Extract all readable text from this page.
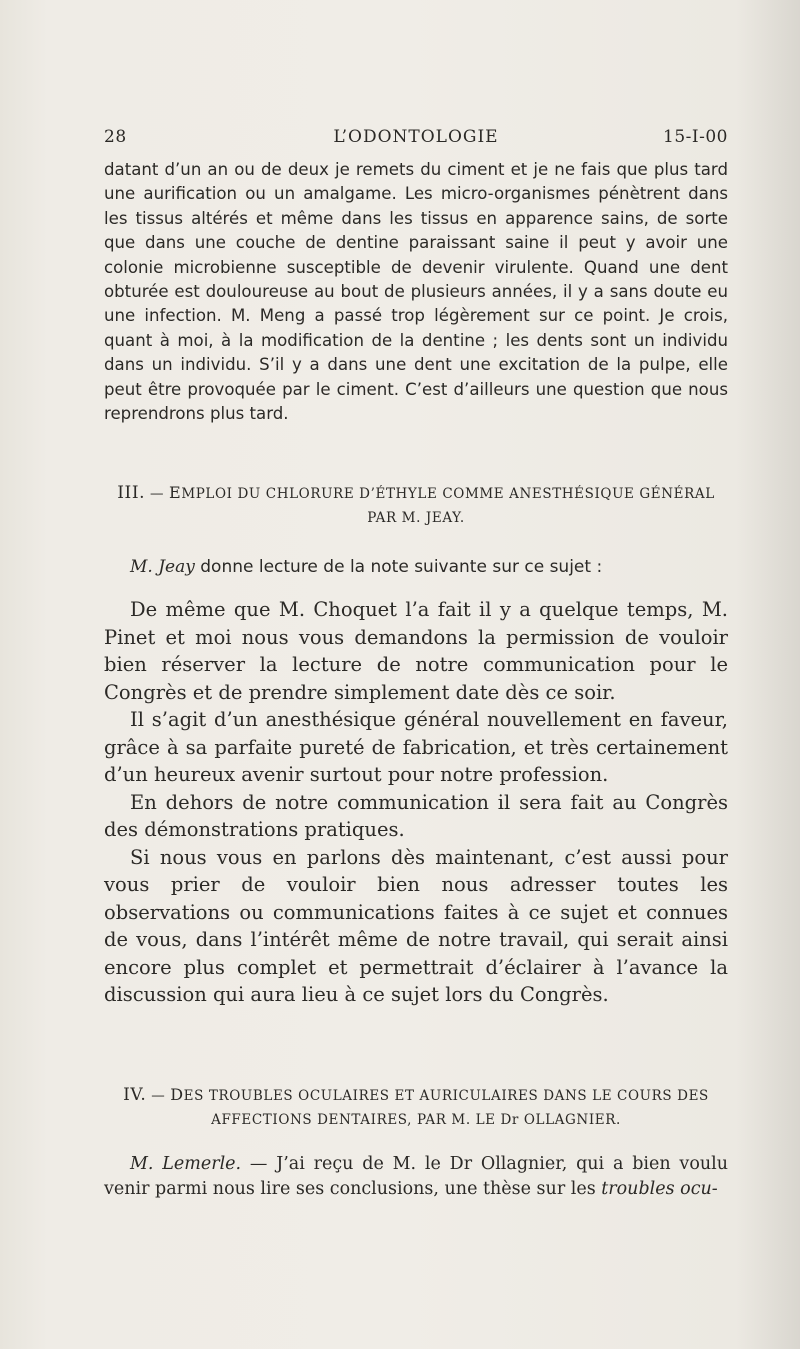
28	L’ODONTOLOGIE	15-I-00

datant d’un an ou de deux je remets du ciment et je ne fais que plus tard une aurification ou un amalgame. Les micro-organismes pénètrent dans les tissus altérés et même dans les tissus en apparence sains, de sorte que dans une couche de dentine paraissant saine il peut y avoir une colonie microbienne susceptible de devenir virulente. Quand une dent obturée est douloureuse au bout de plusieurs années, il y a sans doute eu une infection. M. Meng a passé trop légèrement sur ce point. Je crois, quant à moi, à la modification de la dentine ; les dents sont un individu dans un individu. S’il y a dans une dent une excitation de la pulpe, elle peut être provoquée par le ciment. C’est d’ailleurs une question que nous reprendrons plus tard.

III. — EMPLOI DU CHLORURE D’ÉTHYLE COMME ANESTHÉSIQUE GÉNÉRAL
PAR M. JEAY.

M. Jeay donne lecture de la note suivante sur ce sujet :

De même que M. Choquet l’a fait il y a quelque temps, M. Pinet et moi nous vous demandons la permission de vouloir bien réserver la lecture de notre communication pour le Congrès et de prendre simplement date dès ce soir.

Il s’agit d’un anesthésique général nouvellement en faveur, grâce à sa parfaite pureté de fabrication, et très certainement d’un heureux avenir surtout pour notre profession.

En dehors de notre communication il sera fait au Congrès des démonstrations pratiques.

Si nous vous en parlons dès maintenant, c’est aussi pour vous prier de vouloir bien nous adresser toutes les observations ou communications faites à ce sujet et connues de vous, dans l’intérêt même de notre travail, qui serait ainsi encore plus complet et permettrait d’éclairer à l’avance la discussion qui aura lieu à ce sujet lors du Congrès.

IV. — DES TROUBLES OCULAIRES ET AURICULAIRES DANS LE COURS DES
AFFECTIONS DENTAIRES, PAR M. LE Dr OLLAGNIER.

M. Lemerle. — J’ai reçu de M. le Dr Ollagnier, qui a bien voulu venir parmi nous lire ses conclusions, une thèse sur les troubles ocu-
